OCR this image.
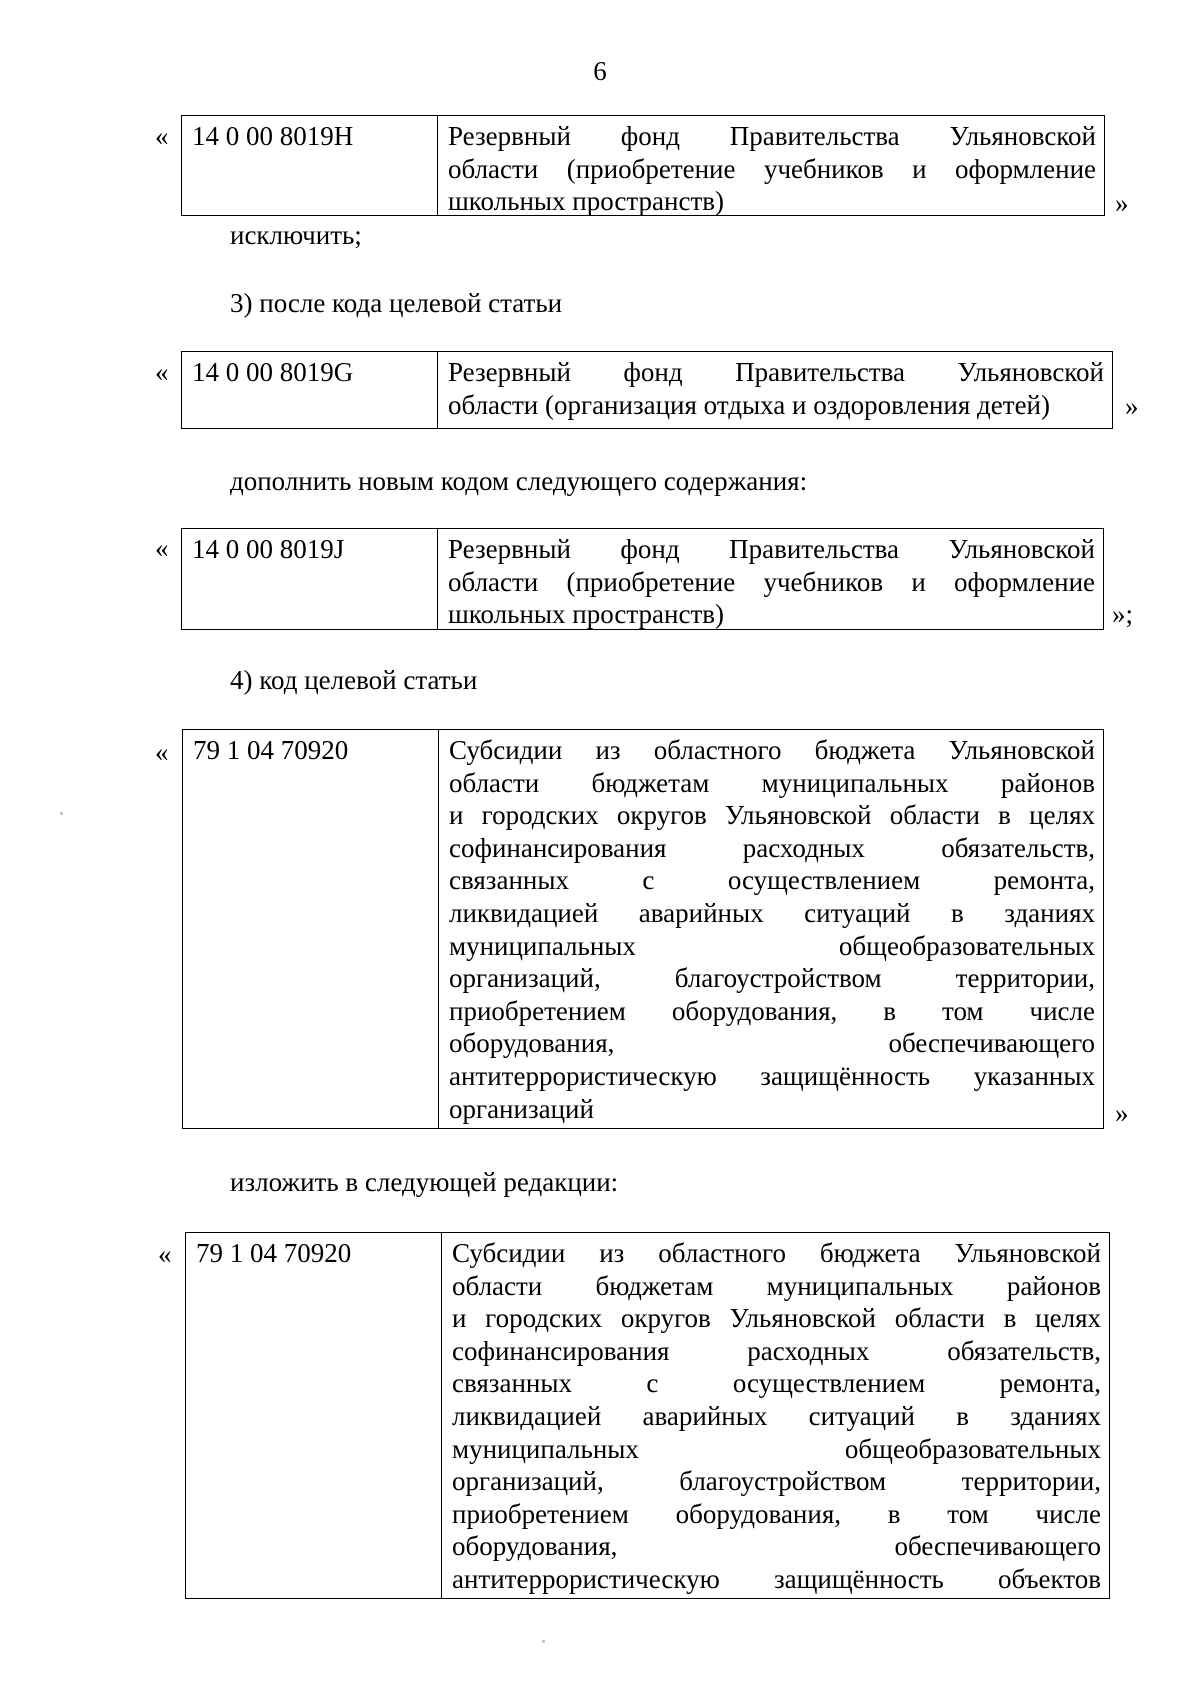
6
« 14 0 00 8019H	Резервный фонд Правительства Ульяновской
области (приобретение учебников и оформление
школьных пространств)	»
исключить;
3) после кода целевой статьи
« 14 0 00 8019G	Резервный фонд Правительства Ульяновской
области (организация отдыха и оздоровления детей)	»
дополнить новым кодом следующего содержания:
« 14 0 00 8019J	Резервный фонд Правительства Ульяновской
области (приобретение учебников и оформление
школьных пространств)	»;
4) код целевой статьи
« 79 1 04 70920	Субсидии из областного бюджета Ульяновской
области бюджетам муниципальных районов
и городских округов Ульяновской области в целях
софинансирования расходных обязательств,
связанных с осуществлением ремонта,
ликвидацией аварийных ситуаций в зданиях
муниципальных общеобразовательных
организаций, благоустройством территории,
приобретением оборудования, в том числе
оборудования, обеспечивающего
антитеррористическую защищённость указанных
организаций	»
изложить в следующей редакции:
« 79 1 04 70920	Субсидии из областного бюджета Ульяновской
области бюджетам муниципальных районов
и городских округов Ульяновской области в целях
софинансирования расходных обязательств,
связанных с осуществлением ремонта,
ликвидацией аварийных ситуаций в зданиях
муниципальных общеобразовательных
организаций, благоустройством территории,
приобретением оборудования, в том числе
оборудования, обеспечивающего
антитеррористическую защищённость объектов
